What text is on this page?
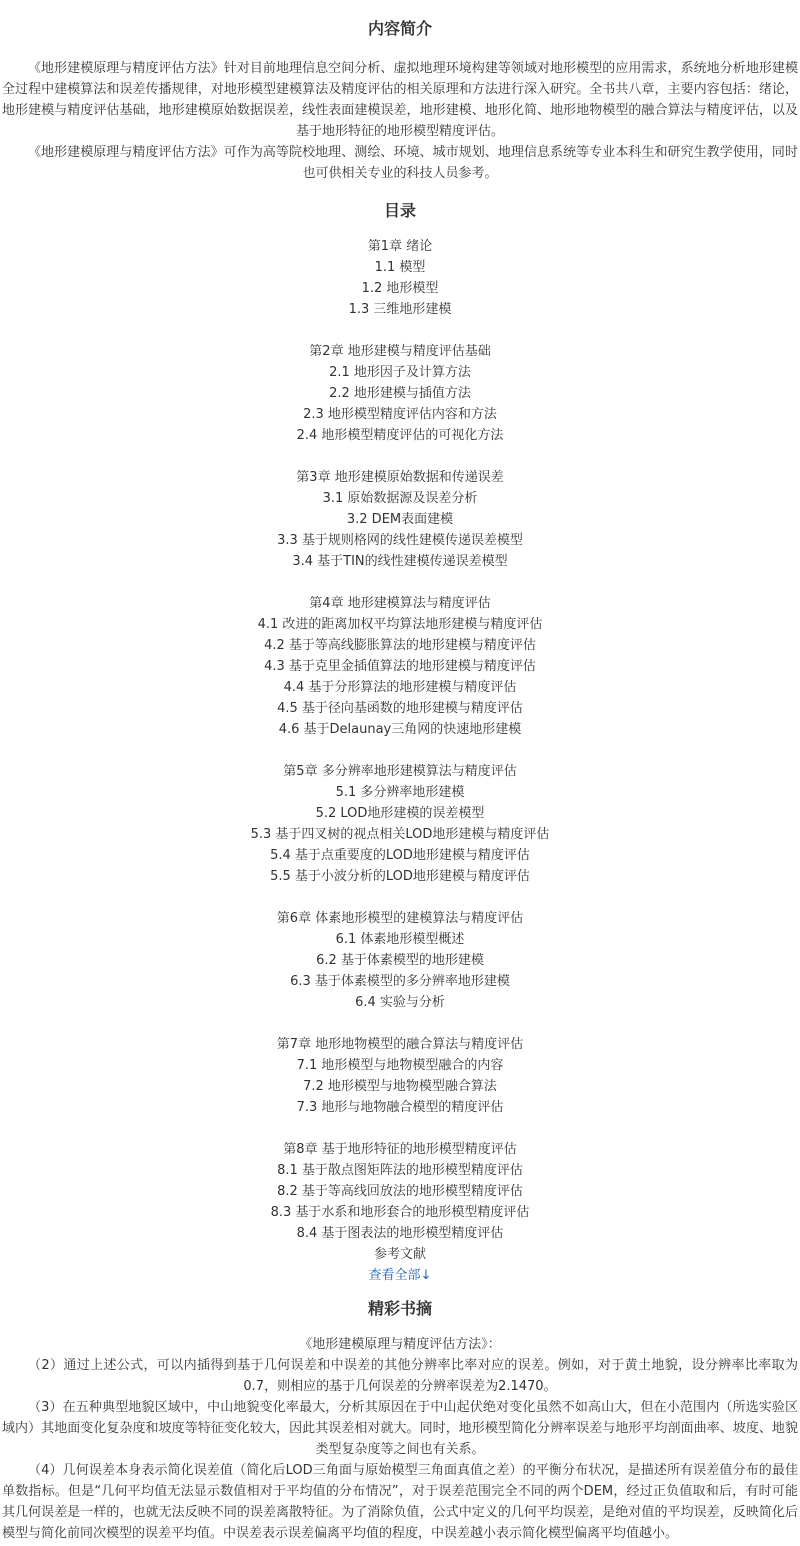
内容简介

《地形建模原理与精度评估方法》针对目前地理信息空间分析、虚拟地理环境构建等领域对地形模型的应用需求，系统地分析地形建模全过程中建模算法和误差传播规律，对地形模型建模算法及精度评估的相关原理和方法进行深入研究。全书共八章，主要内容包括：绪论，地形建模与精度评估基础，地形建模原始数据误差，线性表面建模误差，地形建模、地形化简、地形地物模型的融合算法与精度评估，以及基于地形特征的地形模型精度评估。

《地形建模原理与精度评估方法》可作为高等院校地理、测绘、环境、城市规划、地理信息系统等专业本科生和研究生教学使用，同时也可供相关专业的科技人员参考。

目录
第1章 绪论
1.1 模型
1.2 地形模型
1.3 三维地形建模
第2章 地形建模与精度评估基础
2.1 地形因子及计算方法
2.2 地形建模与插值方法
2.3 地形模型精度评估内容和方法
2.4 地形模型精度评估的可视化方法
第3章 地形建模原始数据和传递误差
3.1 原始数据源及误差分析
3.2 DEM表面建模
3.3 基于规则格网的线性建模传递误差模型
3.4 基于TIN的线性建模传递误差模型
第4章 地形建模算法与精度评估
4.1 改进的距离加权平均算法地形建模与精度评估
4.2 基于等高线膨胀算法的地形建模与精度评估
4.3 基于克里金插值算法的地形建模与精度评估
4.4 基于分形算法的地形建模与精度评估
4.5 基于径向基函数的地形建模与精度评估
4.6 基于Delaunay三角网的快速地形建模
第5章 多分辨率地形建模算法与精度评估
5.1 多分辨率地形建模
5.2 LOD地形建模的误差模型
5.3 基于四叉树的视点相关LOD地形建模与精度评估
5.4 基于点重要度的LOD地形建模与精度评估
5.5 基于小波分析的LOD地形建模与精度评估
第6章 体素地形模型的建模算法与精度评估
6.1 体素地形模型概述
6.2 基于体素模型的地形建模
6.3 基于体素模型的多分辨率地形建模
6.4 实验与分析
第7章 地形地物模型的融合算法与精度评估
7.1 地形模型与地物模型融合的内容
7.2 地形模型与地物模型融合算法
7.3 地形与地物融合模型的精度评估
第8章 基于地形特征的地形模型精度评估
8.1 基于散点图矩阵法的地形模型精度评估
8.2 基于等高线回放法的地形模型精度评估
8.3 基于水系和地形套合的地形模型精度评估
8.4 基于图表法的地形模型精度评估
参考文献
查看全部↓
精彩书摘
《地形建模原理与精度评估方法》：

（2）通过上述公式，可以内插得到基于几何误差和中误差的其他分辨率比率对应的误差。例如，对于黄土地貌，设分辨率比率取为0.7，则相应的基于几何误差的分辨率误差为2.1470。

（3）在五种典型地貌区域中，中山地貌变化率最大，分析其原因在于中山起伏绝对变化虽然不如高山大，但在小范围内（所选实验区域内）其地面变化复杂度和坡度等特征变化较大，因此其误差相对就大。同时，地形模型简化分辨率误差与地形平均剖面曲率、坡度、地貌类型复杂度等之间也有关系。

（4）几何误差本身表示简化误差值（简化后LOD三角面与原始模型三角面真值之差）的平衡分布状况，是描述所有误差值分布的最佳单数指标。但是“几何平均值无法显示数值相对于平均值的分布情况”，对于误差范围完全不同的两个DEM，经过正负值取和后，有时可能其几何误差是一样的，也就无法反映不同的误差离散特征。为了消除负值，公式中定义的几何平均误差，是绝对值的平均误差，反映简化后模型与简化前同次模型的误差平均值。中误差表示误差偏离平均值的程度，中误差越小表示简化模型偏离平均值越小。
